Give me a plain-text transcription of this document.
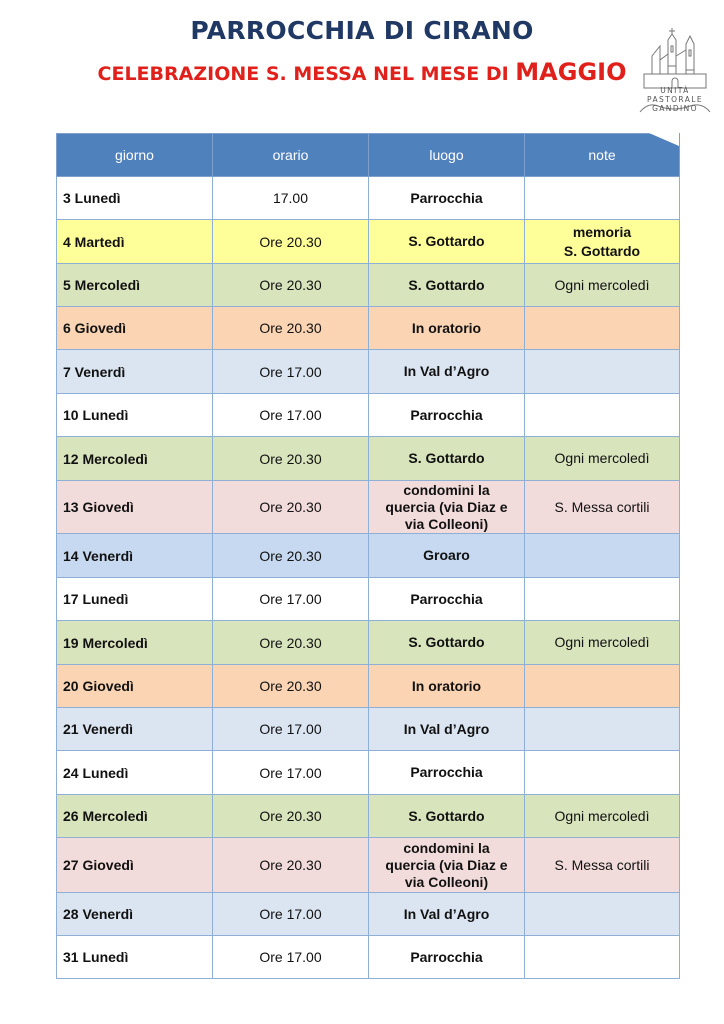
PARROCCHIA DI CIRANO
CELEBRAZIONE S. MESSA NEL MESE DI MAGGIO
UNITÀ
PASTORALE
GANDINO
giorno	orario	luogo	note
3 Lunedì	17.00	Parrocchia	
4 Martedì	Ore 20.30	S. Gottardo	memoria
S. Gottardo
5 Mercoledì	Ore 20.30	S. Gottardo	Ogni mercoledì
6 Giovedì	Ore 20.30	In oratorio	
7 Venerdì	Ore 17.00	In Val d’Agro	
10 Lunedì	Ore 17.00	Parrocchia	
12 Mercoledì	Ore 20.30	S. Gottardo	Ogni mercoledì
13 Giovedì	Ore 20.30	condomini la
quercia (via Diaz e
via Colleoni)	S. Messa cortili
14 Venerdì	Ore 20.30	Groaro	
17 Lunedì	Ore 17.00	Parrocchia	
19 Mercoledì	Ore 20.30	S. Gottardo	Ogni mercoledì
20 Giovedì	Ore 20.30	In oratorio	
21 Venerdì	Ore 17.00	In Val d’Agro	
24 Lunedì	Ore 17.00	Parrocchia	
26 Mercoledì	Ore 20.30	S. Gottardo	Ogni mercoledì
27 Giovedì	Ore 20.30	condomini la
quercia (via Diaz e
via Colleoni)	S. Messa cortili
28 Venerdì	Ore 17.00	In Val d’Agro	
31 Lunedì	Ore 17.00	Parrocchia	
